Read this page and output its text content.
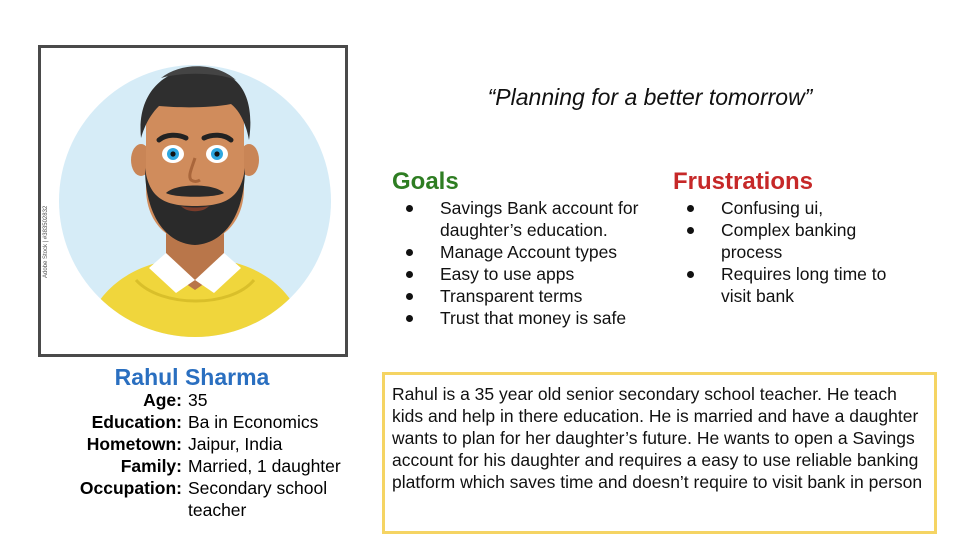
Adobe Stock | #383502832
“Planning for a better tomorrow”
Goals
Savings Bank account for daughter’s education.
Manage Account types
Easy to use apps
Transparent terms
Trust that money is safe
Frustrations
Confusing ui,
Complex banking process
Requires long time to visit bank
Rahul Sharma
Age: 35
Education: Ba in Economics
Hometown: Jaipur, India
Family: Married, 1 daughter
Occupation: Secondary school teacher
Rahul is a 35 year old senior secondary school teacher. He teach kids and help in there education. He is married and have a daughter wants to plan for her daughter’s future. He wants to open a Savings account for his daughter and requires a easy to use reliable banking platform which saves time and doesn’t require to visit bank in person
